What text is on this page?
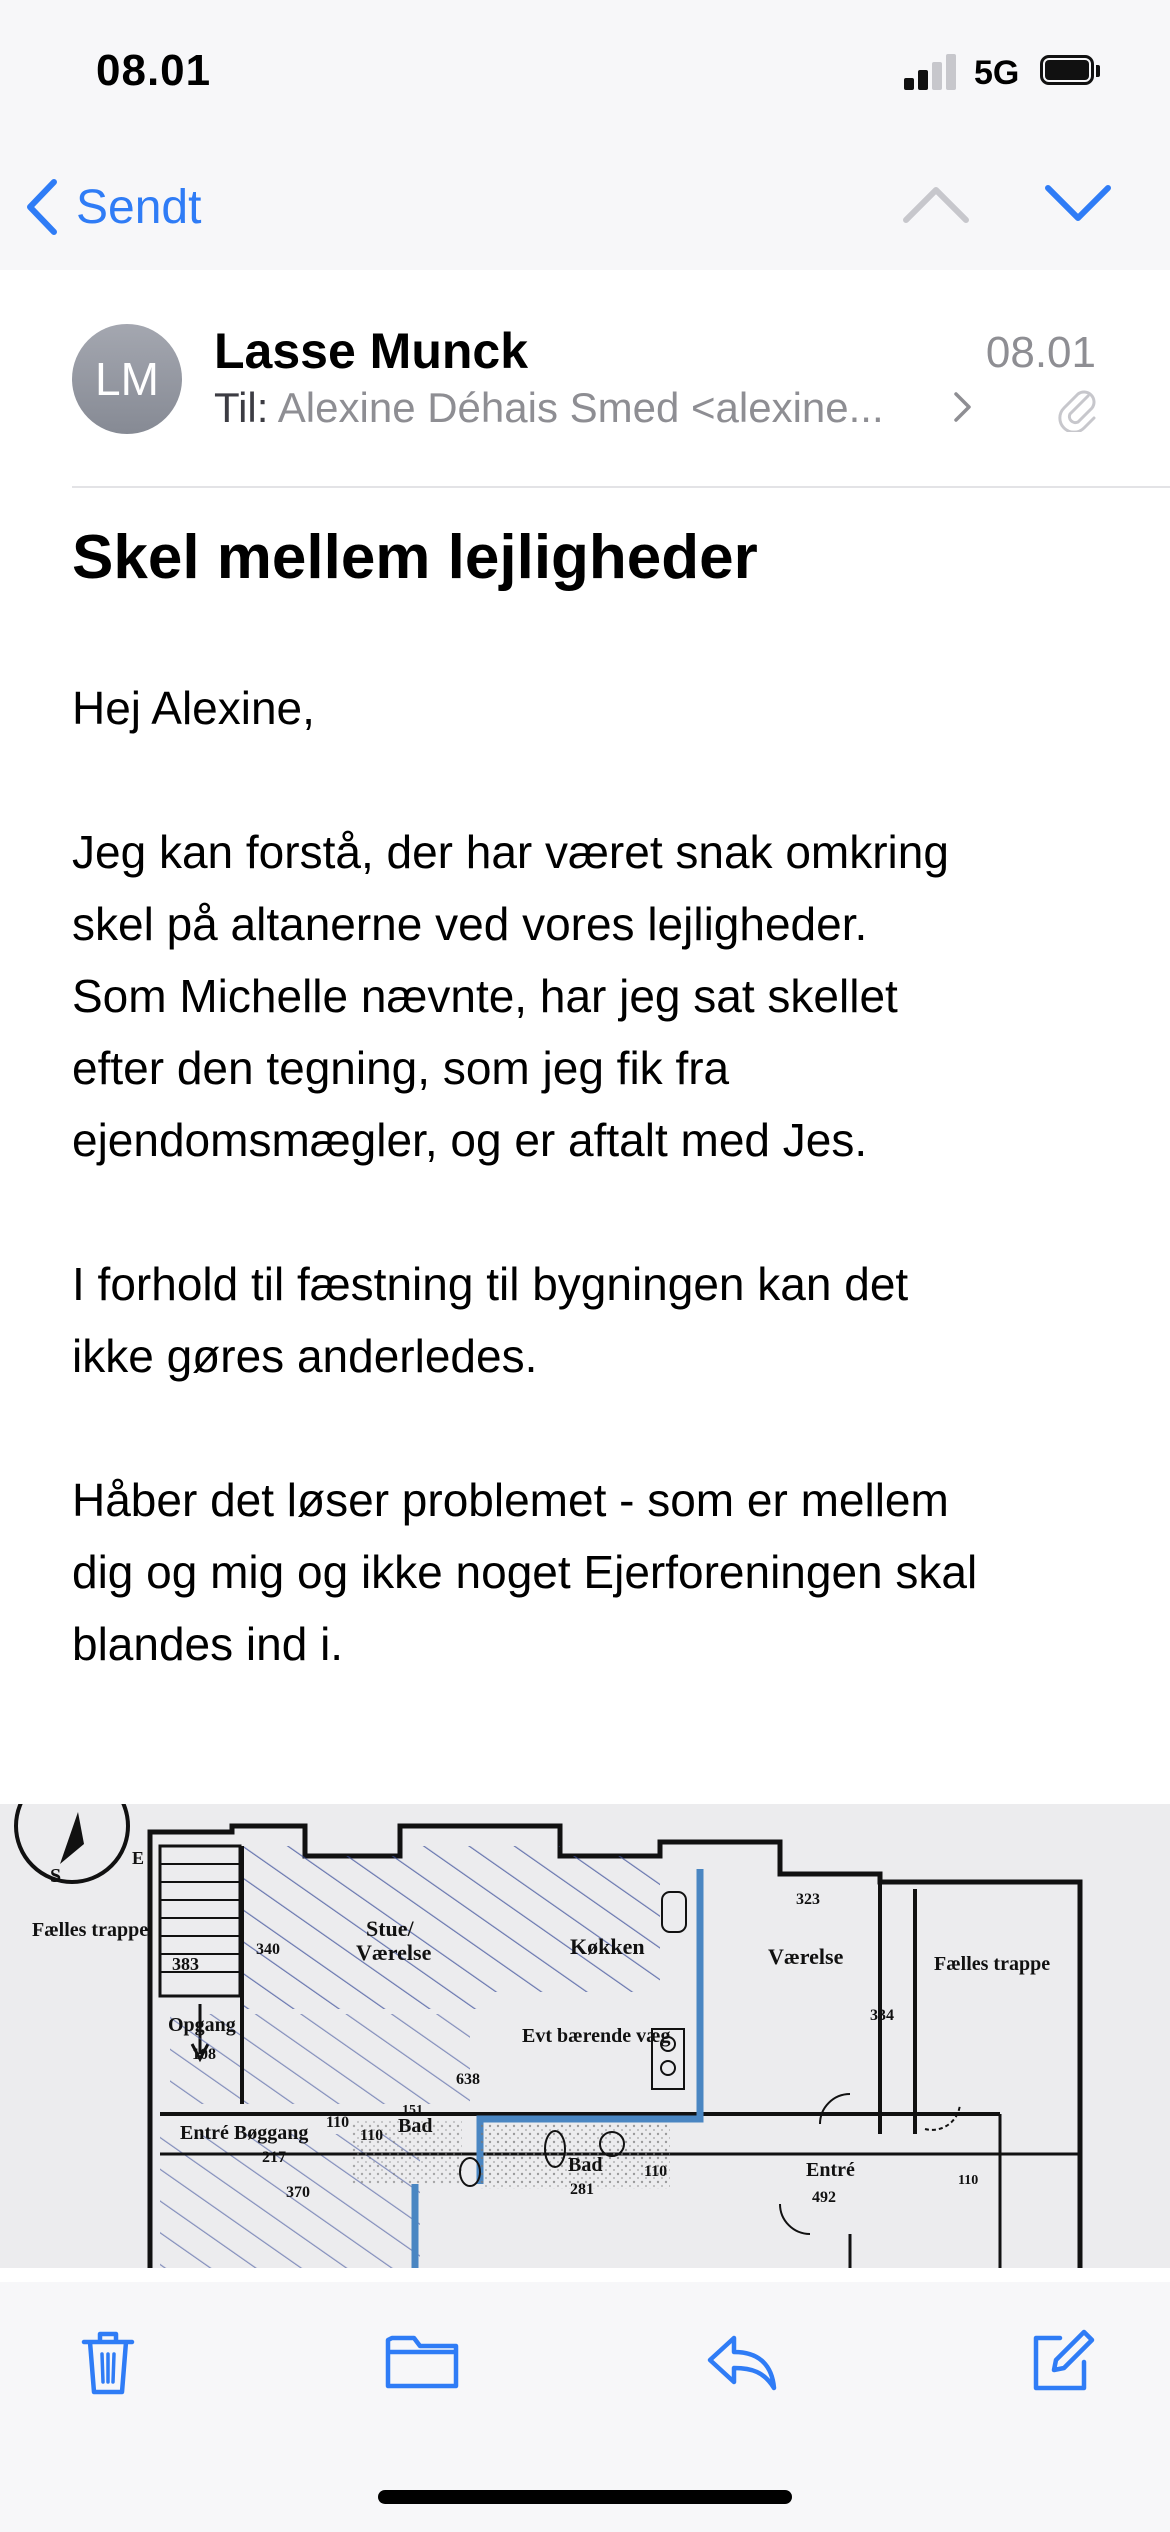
08.01	5G
Sendt
LM Lasse Munck	08.01
Til: Alexine Déhais Smed <alexine...
Skel mellem lejligheder

Hej Alexine,

Jeg kan forstå, der har været snak omkring
skel på altanerne ved vores lejligheder.
Som Michelle nævnte, har jeg sat skellet
efter den tegning, som jeg fik fra
ejendomsmægler, og er aftalt med Jes.

I forhold til fæstning til bygningen kan det
ikke gøres anderledes.

Håber det løser problemet - som er mellem
dig og mig og ikke noget Ejerforeningen skal
blandes ind i.

S
E
Fælles trappe
383
Opgang
108
Stue/
Værelse
340	Køkken
Evt bærende væg
638
Entré Bøggang 110
217
370
Bad
151
110
Bad
281
110
323
Værelse
334
Fælles trappe
Entré
492
110
